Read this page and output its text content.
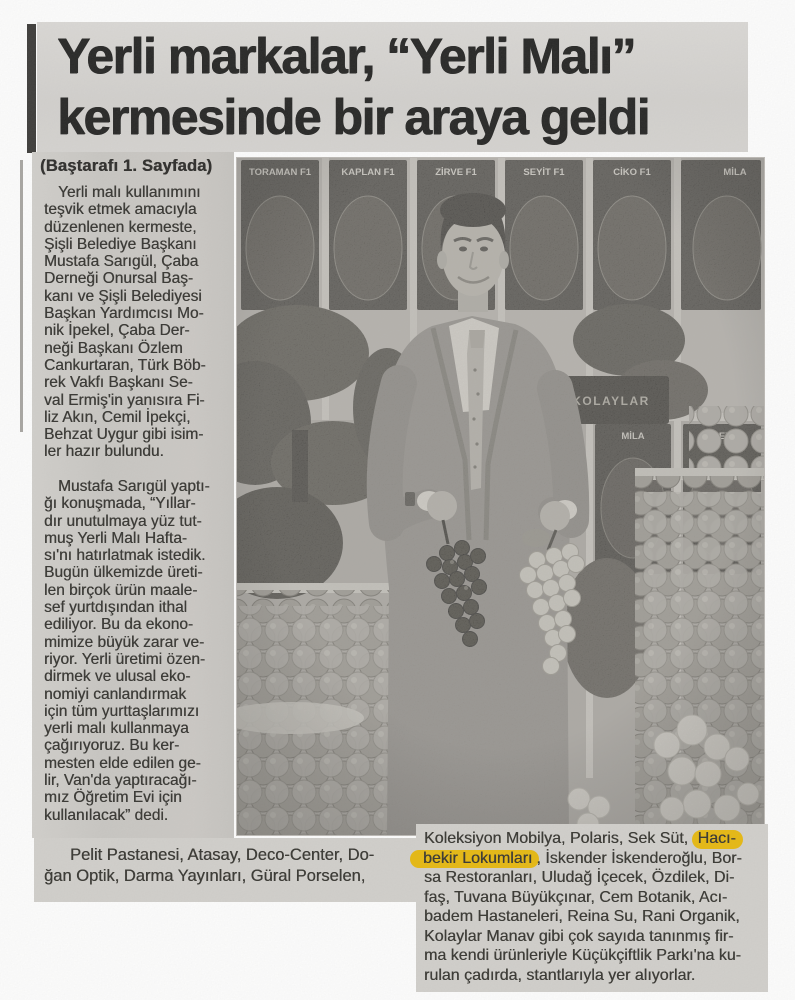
Yerli markalar, “Yerli Malı”
kermesinde bir araya geldi
(Baştarafı 1. Sayfada)
Yerli malı kullanımını
teşvik etmek amacıyla
düzenlenen kermeste,
Şişli Belediye Başkanı
Mustafa Sarıgül, Çaba
Derneği Onursal Baş-
kanı ve Şişli Belediyesi
Başkan Yardımcısı Mo-
nik İpekel, Çaba Der-
neği Başkanı Özlem
Cankurtaran, Türk Böb-
rek Vakfı Başkanı Se-
val Ermiş'in yanısıra Fi-
liz Akın, Cemil İpekçi,
Behzat Uygur gibi isim-
ler hazır bulundu.
Mustafa Sarıgül yaptı-
ğı konuşmada, “Yıllar-
dır unutulmaya yüz tut-
muş Yerli Malı Hafta-
sı'nı hatırlatmak istedik.
Bugün ülkemizde üreti-
len birçok ürün maale-
sef yurtdışından ithal
ediliyor. Bu da ekono-
mimize büyük zarar ve-
riyor. Yerli üretimi özen-
dirmek ve ulusal eko-
nomiyi canlandırmak
için tüm yurttaşlarımızı
yerli malı kullanmaya
çağırıyoruz. Bu ker-
mesten elde edilen ge-
lir, Van'da yaptıracağı-
mız Öğretim Evi için
kullanılacak” dedi.
Pelit Pastanesi, Atasay, Deco-Center, Do-
ğan Optik, Darma Yayınları, Güral Porselen,
Koleksiyon Mobilya, Polaris, Sek Süt, Hacı-
bekir Lokumları , İskender İskenderoğlu, Bor-
sa Restoranları, Uludağ İçecek, Özdilek, Di-
faş, Tuvana Büyükçınar, Cem Botanik, Acı-
badem Hastaneleri, Reina Su, Rani Organik,
Kolaylar Manav gibi çok sayıda tanınmış fir-
ma kendi ürünleriyle Küçükçiftlik Parkı'na ku-
rulan çadırda, stantlarıyla yer alıyorlar.
